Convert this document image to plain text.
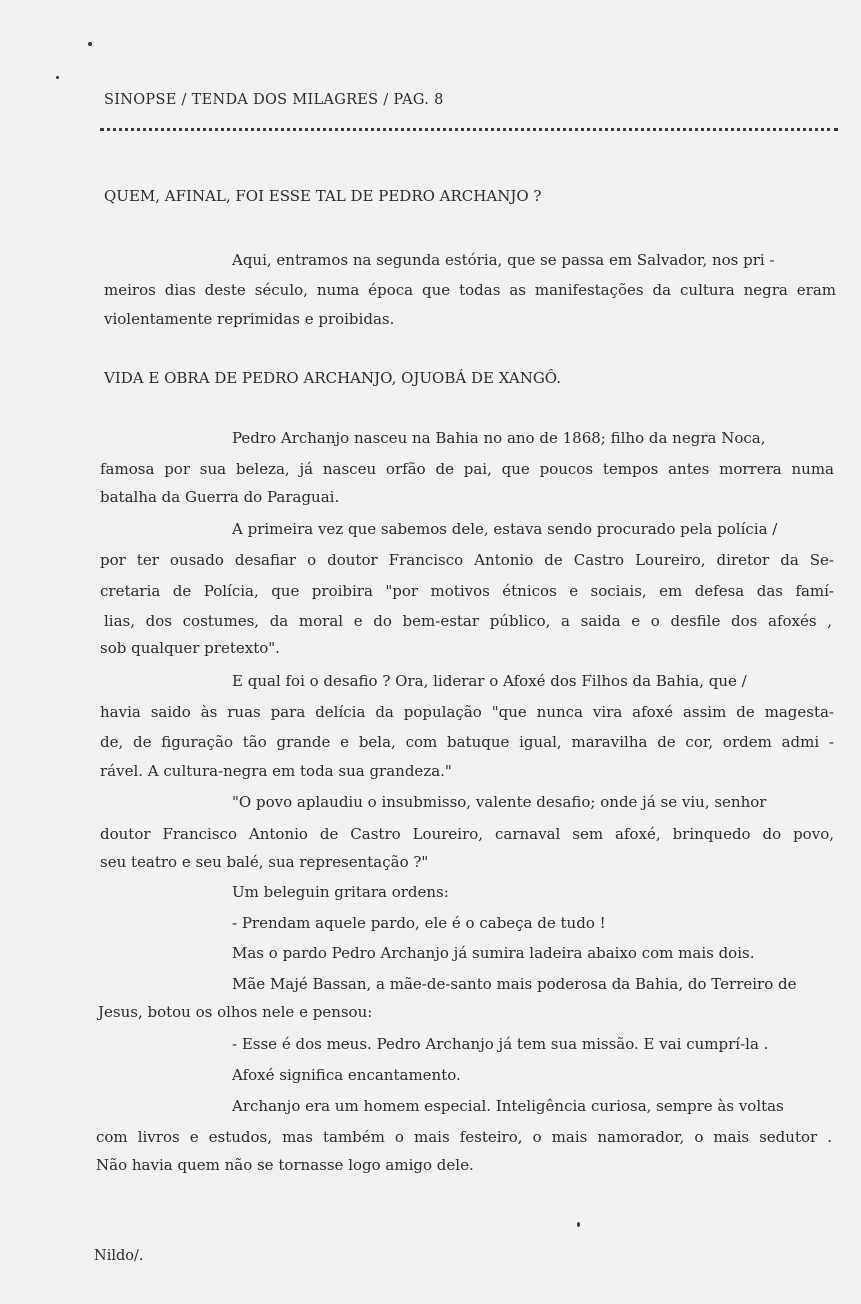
SINOPSE / TENDA DOS MILAGRES / PAG. 8
QUEM, AFINAL, FOI ESSE TAL DE PEDRO ARCHANJO ?
Aqui, entramos na segunda estória, que se passa em Salvador, nos pri -
meiros dias deste século, numa época que todas as manifestações da cultura negra eram
violentamente reprimidas e proibidas.
VIDA E OBRA DE PEDRO ARCHANJO, OJUOBÁ DE XANGÔ.
Pedro Archanjo nasceu na Bahia no ano de 1868; filho da negra Noca,
famosa por sua beleza, já nasceu orfão de pai, que poucos tempos antes morrera numa
batalha da Guerra do Paraguai.
A primeira vez que sabemos dele, estava sendo procurado pela polícia /
por ter ousado desafiar o doutor Francisco Antonio de Castro Loureiro, diretor da Se-
cretaria de Polícia, que proibira "por motivos étnicos e sociais, em defesa das famí-
lias, dos costumes, da moral e do bem-estar público, a saida e o desfile dos afoxés ,
sob qualquer pretexto".
E qual foi o desafio ? Ora, liderar o Afoxé dos Filhos da Bahia, que /
havia saido às ruas para delícia da população "que nunca vira afoxé assim de magesta-
de, de figuração tão grande e bela, com batuque igual, maravilha de cor, ordem admi -
rável. A cultura-negra em toda sua grandeza."
"O povo aplaudiu o insubmisso, valente desafio; onde já se viu, senhor
doutor Francisco Antonio de Castro Loureiro, carnaval sem afoxé, brinquedo do povo,
seu teatro e seu balé, sua representação ?"
Um beleguin gritara ordens:
- Prendam aquele pardo, ele é o cabeça de tudo !
Mas o pardo Pedro Archanjo já sumira ladeira abaixo com mais dois.
Mãe Majé Bassan, a mãe-de-santo mais poderosa da Bahia, do Terreiro de
Jesus, botou os olhos nele e pensou:
- Esse é dos meus. Pedro Archanjo já tem sua missão. E vai cumprí-la .
Afoxé significa encantamento.
Archanjo era um homem especial. Inteligência curiosa, sempre às voltas
com livros e estudos, mas também o mais festeiro, o mais namorador, o mais sedutor .
Não havia quem não se tornasse logo amigo dele.
Nildo/.
